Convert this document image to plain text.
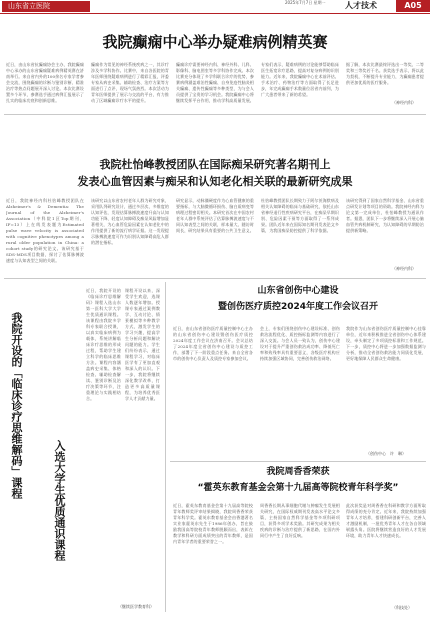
山东省立医院	2025年7月7日 星期一 人才技术	A05
我院癫痫中心举办疑难病例精英赛
近日，由山东省抗癫痫协会主办，我院癫痫中心承办的山东省癫痫疑难病例精英赛在济南举行。来自省内外的100余名专家学者参会交流，围绕癫痫的诊断与鉴别诊断、精准治疗等热点问题展开深入讨论。本次比赛设置多个环节，参赛选手通过病例汇报展示了扎实的临床功底和创新思维。
癫痫作为常见的神经系统疾病之一，其诊疗涉及多学科协作。比赛中，来自各医院的青年医师围绕疑难病例进行了精彩汇报，评委专家从病史采集、辅助检查、治疗方案等方面进行了点评，现场气氛热烈。本次活动为青年医师提供了展示与交流的平台，有力推动了区域癫痫诊疗水平的提升。
癫痫诊疗需要神经内科、神经外科、儿科、影像科、脑电图室等多学科协作完成。本次比赛充分体现了多学科联合诊疗的优势，参赛病例涵盖难治性癫痫、自身免疫性脑炎相关癫痫、遗传性癫痫等多种类型，为与会人员提供了宝贵的学习机会。我院癫痫中心将继续发挥平台作用，推动学科高质量发展。
专家们表示，疑难病例的讨论能够帮助临床医生拓宽诊疗思路，提高对复杂病例的识别能力。近年来，我院癫痫中心在术前评估、手术治疗、药物治疗等方面取得了长足进步，年完成癫痫手术数量位居省内前列，为广大患者带来了新的希望。
据了解，本次比赛最终评选出一等奖、二等奖和三等奖若干名。获奖选手表示，将以此为契机，不断提升专业能力，为癫痫患者提供更加优质的医疗服务。
（神经内科）
我院杜怡峰教授团队在国际痴呆研究著名期刊上
发表心血管因素与痴呆和认知老化相关联的最新研究成果
近日，我院神经内科杜怡峰教授团队在Alzheimer's & Dementia: The Journal of the Alzheimer's Association（中科院1区Top期刊，IF=13）上在线发表题为Estimated pulse wave velocity is associated with cognitive phenotypes among a rural older population in China: a cohort study的研究论文。该研究基于SDS-MDS项目数据，探讨了估算脉搏波速度与认知表型之间的关联。
该研究以山东省农村老年人群为研究对象，采用队列研究设计，通过多层次、多维度的认知评估，发现估算脉搏波速度升高与认知功能下降、轻度认知障碍及痴呆风险增加显著相关，为心血管危险因素在认知老化中的作用提供了新的流行病学证据。这一发现提示脉搏波速度可作为识别认知障碍高危人群的潜在指标。
研究显示，动脉僵硬度作为心血管健康的重要指标，与大脑微循环损伤、脑白质病变等病理过程密切相关。本研究首次在中国农村老年人群中系统评估了估算脉搏波速度与不同认知表型之间的关联，样本量大、随访时间长，研究结果具有重要的公共卫生意义。
杜怡峰教授团队长期致力于阿尔茨海默病及相关认知障碍的临床与基础研究，依托山东省神经退行性疾病研究平台，在痴呆早期识别、危险因素干预等方面取得了一系列成果。团队近年来在国际知名期刊发表论文多篇，为我国痴呆防控提供了科学依据。
该研究得到了国家自然科学基金、山东省重点研发计划等项目的资助。我院神经内科为论文第一完成单位，杜怡峰教授为通讯作者。据悉，团队下一步将继续深入开展心脑血管共病机制研究，为认知障碍的早期防治提供新策略。
（神经内科）
入选大学生优质通识课程
我院开设的「临床诊疗思维解码」课程
近日，我院开设的《临床诊疗思维解码》课程入选山东第一医科大学大学生优质通识课程。该课程由我院多学科专家联合授课，以真实临床病例为载体，系统讲解临床诊疗思维的形成过程，帮助学生建立科学的临床思维方法。课程内容涵盖病史采集、体格检查、辅助检查解读、鉴别诊断及治疗决策等环节，注重理论与实践相结合。
课程开设以来，深受学生欢迎，选课人数逐年增加。授课专家通过案例教学、互动讨论、情景模拟等多种教学方式，激发学生的学习兴趣，提高学生分析问题和解决问题的能力。学生们纷纷表示，通过课程学习，对临床医学有了更加直观和深入的认识。下一步，我院将继续深化教学改革，打造更多高质量课程，为培养优秀医学人才贡献力量。
（继续医学教育科）
山东省创伤中心建设
暨创伤医疗质控2024年度工作会议召开
近日，由山东省创伤医疗质量控制中心主办的山东省创伤中心建设暨创伤医疗质控2024年度工作会议在济南召开。会议总结了2024年度全省创伤中心建设与质控工作，部署了下一阶段重点任务。来自全省各市的创伤中心负责人及质控专家参加会议。
会上，专家们围绕创伤中心建设标准、创伤救治流程优化、质控指标监测等内容进行了深入交流。与会人员一致认为，创伤中心建设对于提升严重创伤救治成功率、降低死亡率和致残率具有重要意义，各级医疗机构应持续加强区域协同，完善创伤救治网络。
我院作为山东省创伤医疗质量控制中心挂靠单位，近年来积极推进全省创伤中心体系建设，牵头制定了多项质控标准和工作规范。下一步，质控中心将进一步加强数据监测与分析，推动全省创伤救治能力同质化发展，更好地保障人民群众生命健康。
（创伤中心　许　琳）
我院周香香荣获
“霍英东教育基金会第十九届高等院校青年科学奖”
近日，霍英东教育基金会第十九届高等院校青年教师奖评审结果揭晓，我院周香香荣获青年科学奖。霍英东教育基金会由香港著名实业家霍英东先生于1986年创办，旨在鼓励我国高等院校青年教师脱颖而出，表彰在教学和科研方面成绩突出的青年教师，是国内青年学者的重要荣誉之一。
周香香长期从事细胞代谢与肿瘤发生发展相关研究，在国际权威期刊发表高水平论文多篇，主持国家自然科学基金等多项科研项目，获得多项学术奖励。其研究成果为相关疾病的诊断与治疗提供了新思路，在国内外同行中产生了良好反响。
此次获奖是对周香香在科研和教学方面所取得成绩的充分肯定。近年来，我院持续加强青年人才培养，搭建科研创新平台，完善人才激励机制，一批优秀青年人才在各自领域崭露头角。医院将继续营造良好的人才发展环境，助力青年人才快速成长。
（科技处）
